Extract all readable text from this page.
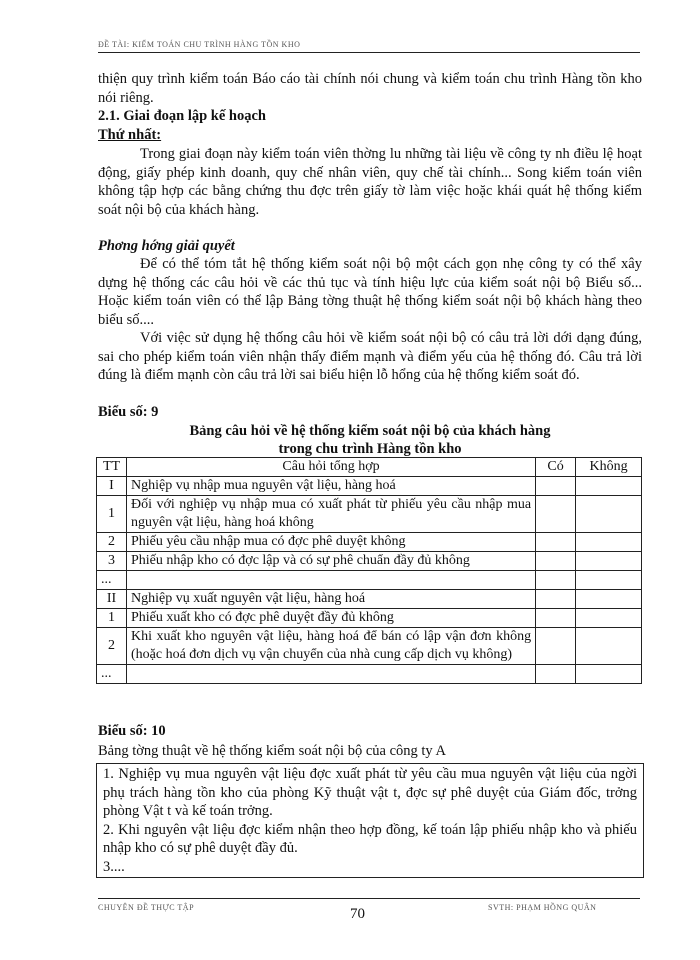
ĐỀ TÀI: KIỂM TOÁN CHU TRÌNH HÀNG TỒN KHO
thiện quy trình kiểm toán Báo cáo tài chính nói chung và kiểm toán chu trình Hàng tồn kho nói riêng.
2.1. Giai đoạn lập kế hoạch
Thứ nhất:
Trong giai đoạn này kiểm toán viên thờng lu những tài liệu về công ty nh điều lệ hoạt động, giấy phép kinh doanh, quy chế nhân viên, quy chế tài chính... Song kiểm toán viên không tập hợp các bằng chứng thu đợc trên giấy tờ làm việc hoặc khái quát hệ thống kiểm soát nội bộ của khách hàng.
Phơng hớng giải quyết
Để có thể tóm tắt hệ thống kiểm soát nội bộ một cách gọn nhẹ công ty có thể xây dựng hệ thống các câu hỏi về các thủ tục và tính hiệu lực của kiểm soát nội bộ Biểu số... Hoặc kiểm toán viên có thể lập Bảng tờng thuật hệ thống kiểm soát nội bộ khách hàng theo biểu số....
Với việc sử dụng hệ thống câu hỏi về kiểm soát nội bộ có câu trả lời dới dạng đúng, sai cho phép kiểm toán viên nhận thấy điểm mạnh và điểm yếu của hệ thống đó. Câu trả lời đúng là điểm mạnh còn câu trả lời sai biểu hiện lỗ hổng của hệ thống kiểm soát đó.
Biểu số: 9
Bảng câu hỏi về hệ thống kiểm soát nội bộ của khách hàng
trong chu trình Hàng tồn kho
TT	Câu hỏi tổng hợp	Có	Không
I	Nghiệp vụ nhập mua nguyên vật liệu, hàng hoá		
1	Đối với nghiệp vụ nhập mua có xuất phát từ phiếu yêu cầu nhập mua nguyên vật liệu, hàng hoá không		
2	Phiếu yêu cầu nhập mua có đợc phê duyệt không		
3	Phiếu nhập kho có đợc lập và có sự phê chuẩn đầy đủ không		
...			
II	Nghiệp vụ xuất nguyên vật liệu, hàng hoá		
1	Phiếu xuất kho có đợc phê duyệt đầy đủ không		
2	Khi xuất kho nguyên vật liệu, hàng hoá để bán có lập vận đơn không (hoặc hoá đơn dịch vụ vận chuyển của nhà cung cấp dịch vụ không)		
...			
Biểu số: 10
Bảng tờng thuật về hệ thống kiểm soát nội bộ của công ty A
1. Nghiệp vụ mua nguyên vật liệu đợc xuất phát từ yêu cầu mua nguyên vật liệu của ngời phụ trách hàng tồn kho của phòng Kỹ thuật vật t, đợc sự phê duyệt của Giám đốc, trởng phòng Vật t và kế toán trởng.
2. Khi nguyên vật liệu đợc kiểm nhận theo hợp đồng, kế toán lập phiếu nhập kho và phiếu nhập kho có sự phê duyệt đầy đủ.
3....
CHUYÊN ĐỀ THỰC TẬP	70	SVTH: PHẠM HỒNG QUÂN
